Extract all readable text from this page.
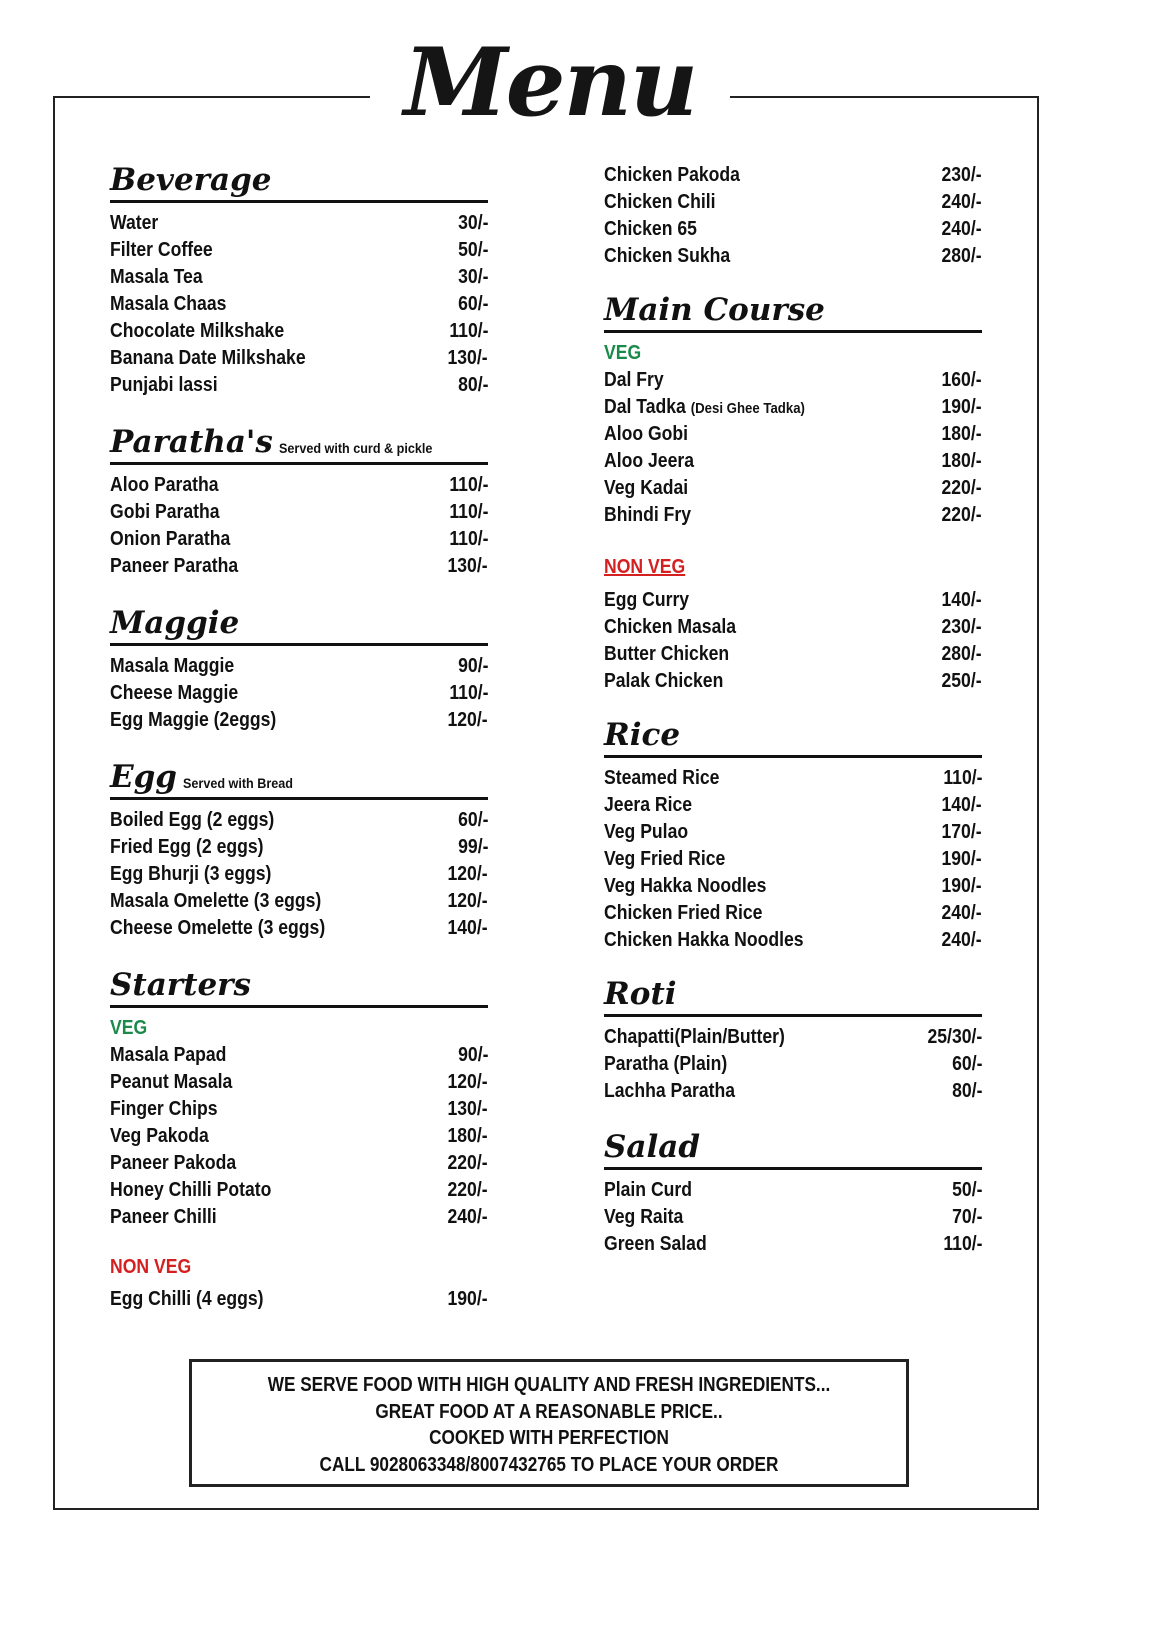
Menu
Beverage
Water	30/-
Filter Coffee	50/-
Masala Tea	30/-
Masala Chaas	60/-
Chocolate Milkshake	110/-
Banana Date Milkshake	130/-
Punjabi lassi	80/-
Paratha's Served with curd & pickle
Aloo Paratha	110/-
Gobi Paratha	110/-
Onion Paratha	110/-
Paneer Paratha	130/-
Maggie
Masala Maggie	90/-
Cheese Maggie	110/-
Egg Maggie (2eggs)	120/-
Egg Served with Bread
Boiled Egg (2 eggs)	60/-
Fried Egg (2 eggs)	99/-
Egg Bhurji (3 eggs)	120/-
Masala Omelette (3 eggs)	120/-
Cheese Omelette (3 eggs)	140/-
Starters
VEG
Masala Papad	90/-
Peanut Masala	120/-
Finger Chips	130/-
Veg Pakoda	180/-
Paneer Pakoda	220/-
Honey Chilli Potato	220/-
Paneer Chilli	240/-
NON VEG
Egg Chilli (4 eggs)	190/-
Chicken Pakoda	230/-
Chicken Chili	240/-
Chicken 65	240/-
Chicken Sukha	280/-
Main Course
VEG
Dal Fry	160/-
Dal Tadka (Desi Ghee Tadka)	190/-
Aloo Gobi	180/-
Aloo Jeera	180/-
Veg Kadai	220/-
Bhindi Fry	220/-
NON VEG
Egg Curry	140/-
Chicken Masala	230/-
Butter Chicken	280/-
Palak Chicken	250/-
Rice
Steamed Rice	110/-
Jeera Rice	140/-
Veg Pulao	170/-
Veg Fried Rice	190/-
Veg Hakka Noodles	190/-
Chicken Fried Rice	240/-
Chicken Hakka Noodles	240/-
Roti
Chapatti(Plain/Butter)	25/30/-
Paratha (Plain)	60/-
Lachha Paratha	80/-
Salad
Plain Curd	50/-
Veg Raita	70/-
Green Salad	110/-
WE SERVE FOOD WITH HIGH QUALITY AND FRESH INGREDIENTS...
GREAT FOOD AT A REASONABLE PRICE..
COOKED WITH PERFECTION
CALL 9028063348/8007432765 TO PLACE YOUR ORDER
